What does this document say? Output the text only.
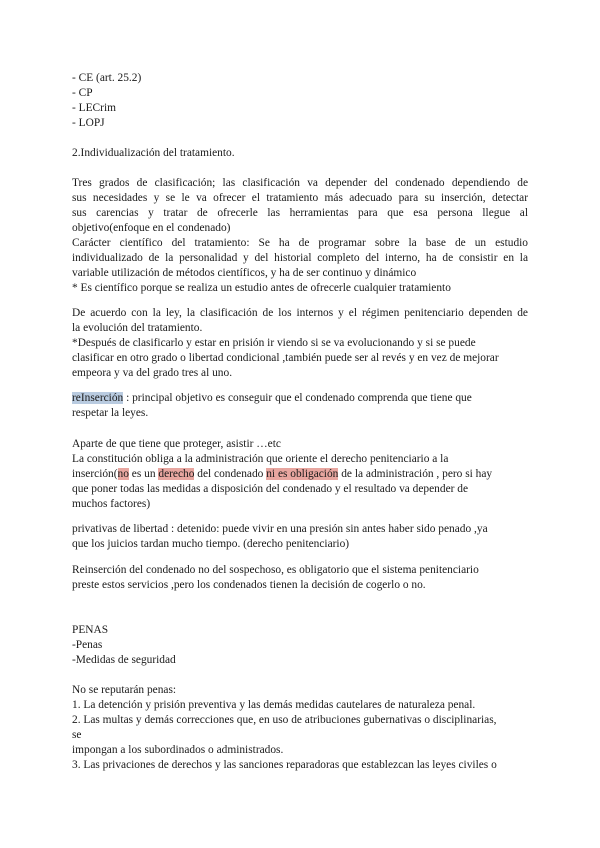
- CE (art. 25.2)
- CP
- LECrim
- LOPJ
2.Individualización del tratamiento.
Tres grados de clasificación; las clasificación va depender del condenado dependiendo de
sus necesidades y se le va ofrecer el tratamiento más adecuado para su inserción, detectar
sus carencias y tratar de ofrecerle las herramientas para que esa persona llegue al
objetivo(enfoque en el condenado)
Carácter científico del tratamiento: Se ha de programar sobre la base de un estudio
individualizado de la personalidad y del historial completo del interno, ha de consistir en la
variable utilización de métodos científicos, y ha de ser continuo y dinámico
* Es científico porque se realiza un estudio antes de ofrecerle cualquier tratamiento
De acuerdo con la ley, la clasificación de los internos y el régimen penitenciario dependen de
la evolución del tratamiento.
*Después de clasificarlo y estar en prisión ir viendo si se va evolucionando y si se puede
clasificar en otro grado o libertad condicional ,también puede ser al revés y en vez de mejorar
empeora y va del grado tres al uno.
reInserción : principal objetivo es conseguir que el condenado comprenda que tiene que
respetar la leyes.
Aparte de que tiene que proteger, asistir …etc
La constitución obliga a la administración que oriente el derecho penitenciario a la
inserción(no es un derecho del condenado ni es obligación de la administración , pero si hay
que poner todas las medidas a disposición del condenado y el resultado va depender de
muchos factores)
privativas de libertad : detenido: puede vivir en una presión sin antes haber sido penado ,ya
que los juicios tardan mucho tiempo. (derecho penitenciario)
Reinserción del condenado no del sospechoso, es obligatorio que el sistema penitenciario
preste estos servicios ,pero los condenados tienen la decisión de cogerlo o no.
PENAS
-Penas
-Medidas de seguridad
No se reputarán penas:
1. La detención y prisión preventiva y las demás medidas cautelares de naturaleza penal.
2. Las multas y demás correcciones que, en uso de atribuciones gubernativas o disciplinarias,
se
impongan a los subordinados o administrados.
3. Las privaciones de derechos y las sanciones reparadoras que establezcan las leyes civiles o
